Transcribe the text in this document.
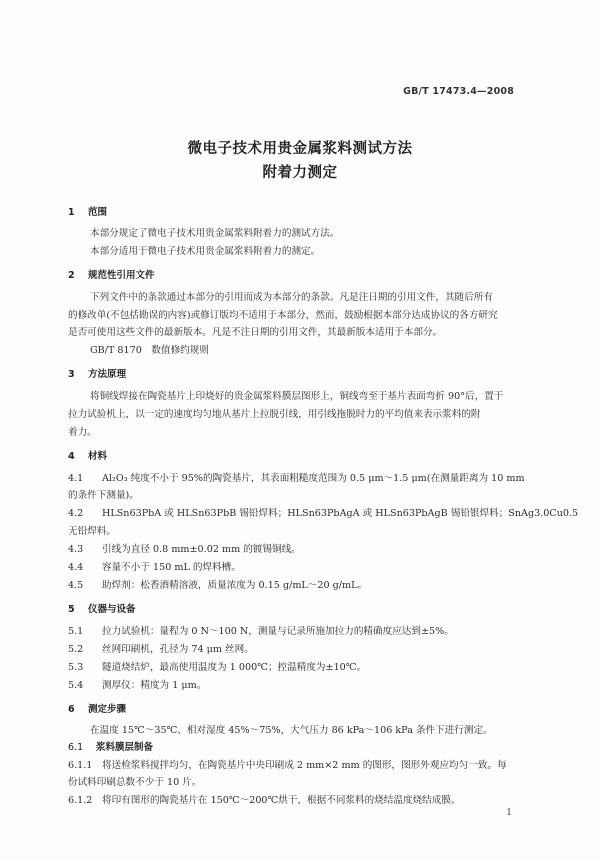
GB/T 17473.4—2008
微电子技术用贵金属浆料测试方法
附着力测定
1 范围
本部分规定了微电子技术用贵金属浆料附着力的测试方法。
本部分适用于微电子技术用贵金属浆料附着力的测定。
2 规范性引用文件
下列文件中的条款通过本部分的引用而成为本部分的条款。凡是注日期的引用文件，其随后所有
的修改单(不包括勘误的内容)或修订版均不适用于本部分，然而，鼓励根据本部分达成协议的各方研究
是否可使用这些文件的最新版本。凡是不注日期的引用文件，其最新版本适用于本部分。
GB/T 8170　数值修约规则
3 方法原理
将铜线焊接在陶瓷基片上印烧好的贵金属浆料膜层图形上，铜线弯至于基片表面弯折 90°后，置于
拉力试验机上，以一定的速度均匀地从基片上拉脱引线，用引线拖脱时力的平均值来表示浆料的附
着力。
4 材料
4.1 Al₂O₃ 纯度不小于 95%的陶瓷基片，其表面粗糙度范围为 0.5 μm～1.5 μm(在测量距离为 10 mm
的条件下测量)。
4.2 HLSn63PbA 或 HLSn63PbB 锡铅焊料；HLSn63PbAgA 或 HLSn63PbAgB 锡铅银焊料；SnAg3.0Cu0.5
无铅焊料。
4.3 引线为直径 0.8 mm±0.02 mm 的镀锡铜线。
4.4 容量不小于 150 mL 的焊料槽。
4.5 助焊剂：松香酒精溶液，质量浓度为 0.15 g/mL～20 g/mL。
5 仪器与设备
5.1 拉力试验机：量程为 0 N～100 N，测量与记录所施加拉力的精确度应达到±5%。
5.2 丝网印刷机，孔径为 74 μm 丝网。
5.3 隧道烧结炉，最高使用温度为 1 000℃；控温精度为±10℃。
5.4 测厚仪：精度为 1 μm。
6 测定步骤
在温度 15℃～35℃、相对湿度 45%～75%，大气压力 86 kPa～106 kPa 条件下进行测定。
6.1 浆料膜层制备
6.1.1 将送检浆料搅拌均匀，在陶瓷基片中央印刷成 2 mm×2 mm 的图形，图形外观应均匀一致。每
份试料印刷总数不少于 10 片。
6.1.2 将印有图形的陶瓷基片在 150℃～200℃烘干，根据不同浆料的烧结温度烧结成膜。
1
